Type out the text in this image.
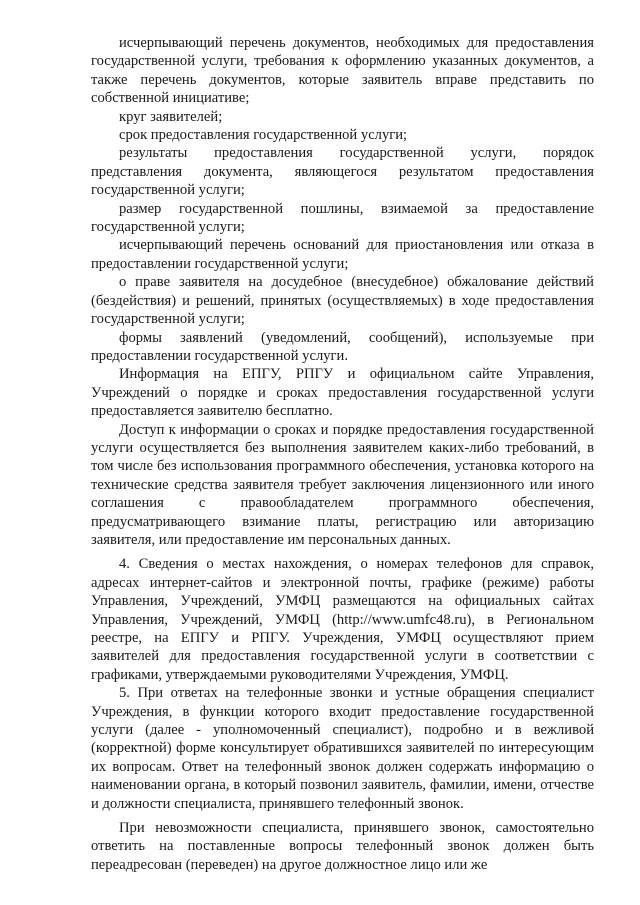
исчерпывающий перечень документов, необходимых для предоставления государственной услуги, требования к оформлению указанных документов, а также перечень документов, которые заявитель вправе представить по собственной инициативе;

круг заявителей;

срок предоставления государственной услуги;

результаты предоставления государственной услуги, порядок представления документа, являющегося результатом предоставления государственной услуги;

размер государственной пошлины, взимаемой за предоставление государственной услуги;

исчерпывающий перечень оснований для приостановления или отказа в предоставлении государственной услуги;

о праве заявителя на досудебное (внесудебное) обжалование действий (бездействия) и решений, принятых (осуществляемых) в ходе предоставления государственной услуги;

формы заявлений (уведомлений, сообщений), используемые при предоставлении государственной услуги.

Информация на ЕПГУ, РПГУ и официальном сайте Управления, Учреждений о порядке и сроках предоставления государственной услуги предоставляется заявителю бесплатно.

Доступ к информации о сроках и порядке предоставления государственной услуги осуществляется без выполнения заявителем каких-либо требований, в том числе без использования программного обеспечения, установка которого на технические средства заявителя требует заключения лицензионного или иного соглашения с правообладателем программного обеспечения, предусматривающего взимание платы, регистрацию или авторизацию заявителя, или предоставление им персональных данных.

4. Сведения о местах нахождения, о номерах телефонов для справок, адресах интернет-сайтов и электронной почты, графике (режиме) работы Управления, Учреждений, УМФЦ размещаются на официальных сайтах Управления, Учреждений, УМФЦ (http://www.umfc48.ru), в Региональном реестре, на ЕПГУ и РПГУ. Учреждения, УМФЦ осуществляют прием заявителей для предоставления государственной услуги в соответствии с графиками, утверждаемыми руководителями Учреждения, УМФЦ.

5. При ответах на телефонные звонки и устные обращения специалист Учреждения, в функции которого входит предоставление государственной услуги (далее - уполномоченный специалист), подробно и в вежливой (корректной) форме консультирует обратившихся заявителей по интересующим их вопросам. Ответ на телефонный звонок должен содержать информацию о наименовании органа, в который позвонил заявитель, фамилии, имени, отчестве и должности специалиста, принявшего телефонный звонок.

При невозможности специалиста, принявшего звонок, самостоятельно ответить на поставленные вопросы телефонный звонок должен быть переадресован (переведен) на другое должностное лицо или же
